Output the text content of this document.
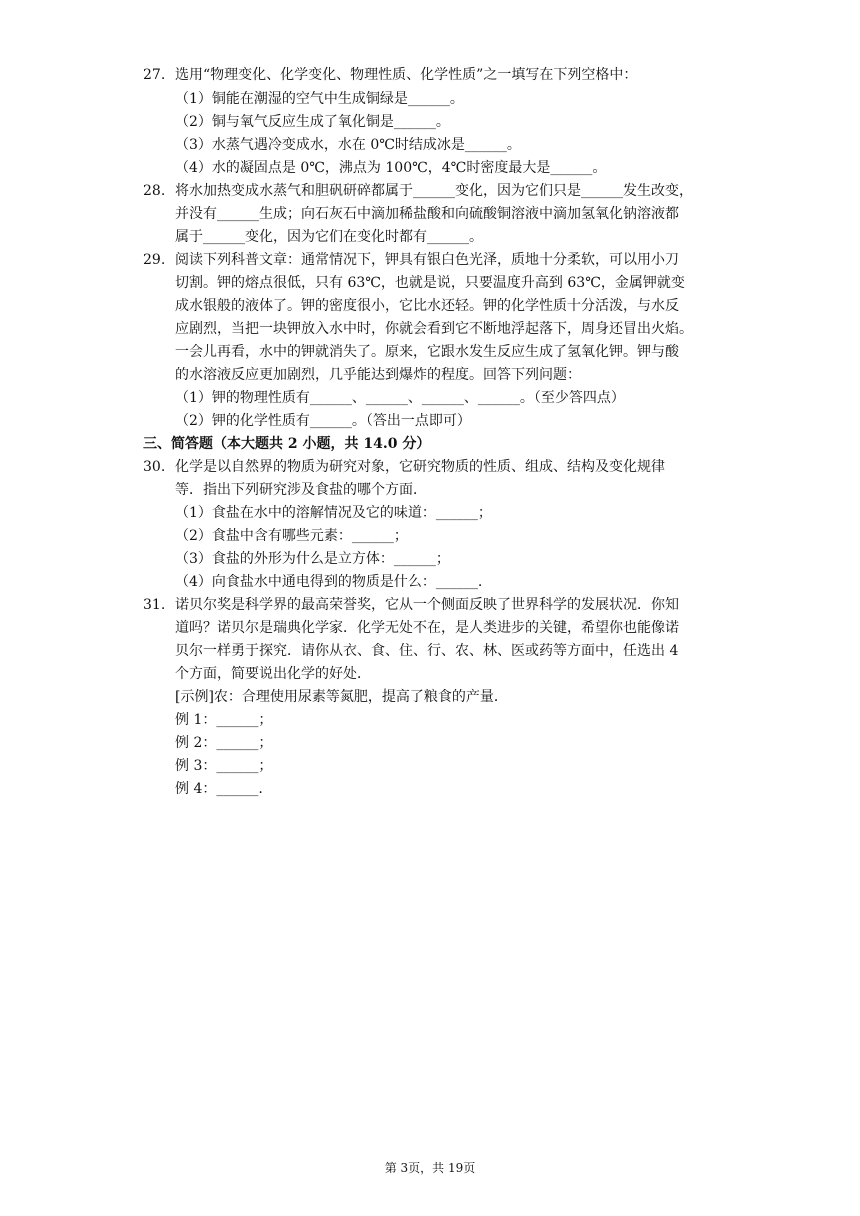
27. 选用“物理变化、化学变化、物理性质、化学性质”之一填写在下列空格中：
（1）铜能在潮湿的空气中生成铜绿是______。
（2）铜与氧气反应生成了氧化铜是______。
（3）水蒸气遇冷变成水，水在 0℃时结成冰是______。
（4）水的凝固点是 0℃，沸点为 100℃，4℃时密度最大是______。
28. 将水加热变成水蒸气和胆矾研碎都属于______变化，因为它们只是______发生改变，
并没有______生成；向石灰石中滴加稀盐酸和向硫酸铜溶液中滴加氢氧化钠溶液都
属于______变化，因为它们在变化时都有______。
29. 阅读下列科普文章：通常情况下，钾具有银白色光泽，质地十分柔软，可以用小刀
切割。钾的熔点很低，只有 63℃，也就是说，只要温度升高到 63℃，金属钾就变
成水银般的液体了。钾的密度很小，它比水还轻。钾的化学性质十分活泼，与水反
应剧烈，当把一块钾放入水中时，你就会看到它不断地浮起落下，周身还冒出火焰。
一会儿再看，水中的钾就消失了。原来，它跟水发生反应生成了氢氧化钾。钾与酸
的水溶液反应更加剧烈，几乎能达到爆炸的程度。回答下列问题：
（1）钾的物理性质有______、______、______、______。（至少答四点）
（2）钾的化学性质有______。（答出一点即可）
三、简答题（本大题共 2 小题，共 14.0 分）
30. 化学是以自然界的物质为研究对象，它研究物质的性质、组成、结构及变化规律
等．指出下列研究涉及食盐的哪个方面．
（1）食盐在水中的溶解情况及它的味道：______；
（2）食盐中含有哪些元素：______；
（3）食盐的外形为什么是立方体：______；
（4）向食盐水中通电得到的物质是什么：______.
31. 诺贝尔奖是科学界的最高荣誉奖，它从一个侧面反映了世界科学的发展状况．你知
道吗？诺贝尔是瑞典化学家．化学无处不在，是人类进步的关键，希望你也能像诺
贝尔一样勇于探究．请你从衣、食、住、行、农、林、医或药等方面中，任选出 4
个方面，简要说出化学的好处．
[示例]农：合理使用尿素等氮肥，提高了粮食的产量．
例 1：______；
例 2：______；
例 3：______；
例 4：______.
第 3页，共 19页
